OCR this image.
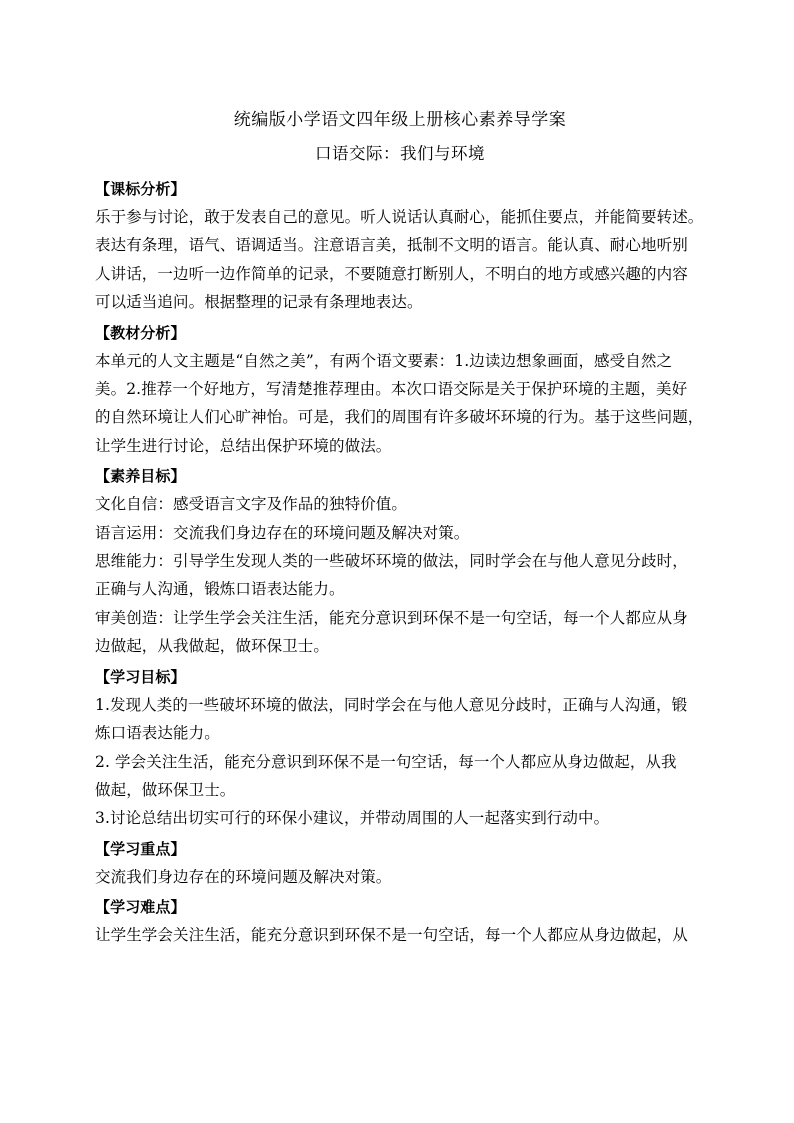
统编版小学语文四年级上册核心素养导学案
口语交际：我们与环境
【课标分析】

乐于参与讨论，敢于发表自己的意见。听人说话认真耐心，能抓住要点，并能简要转述。
表达有条理，语气、语调适当。注意语言美，抵制不文明的语言。能认真、耐心地听别
人讲话，一边听一边作简单的记录，不要随意打断别人，不明白的地方或感兴趣的内容
可以适当追问。根据整理的记录有条理地表达。

【教材分析】

本单元的人文主题是“自然之美”，有两个语文要素：1.边读边想象画面，感受自然之
美。2.推荐一个好地方，写清楚推荐理由。本次口语交际是关于保护环境的主题，美好
的自然环境让人们心旷神怡。可是，我们的周围有许多破坏环境的行为。基于这些问题，
让学生进行讨论，总结出保护环境的做法。

【素养目标】

文化自信：感受语言文字及作品的独特价值。

语言运用：交流我们身边存在的环境问题及解决对策。

思维能力：引导学生发现人类的一些破坏环境的做法，同时学会在与他人意见分歧时，
正确与人沟通，锻炼口语表达能力。

审美创造：让学生学会关注生活，能充分意识到环保不是一句空话，每一个人都应从身
边做起，从我做起，做环保卫士。

【学习目标】

1.发现人类的一些破坏环境的做法，同时学会在与他人意见分歧时，正确与人沟通，锻
炼口语表达能力。

2. 学会关注生活，能充分意识到环保不是一句空话，每一个人都应从身边做起，从我
做起，做环保卫士。

3.讨论总结出切实可行的环保小建议，并带动周围的人一起落实到行动中。

【学习重点】

交流我们身边存在的环境问题及解决对策。

【学习难点】

让学生学会关注生活，能充分意识到环保不是一句空话，每一个人都应从身边做起，从
